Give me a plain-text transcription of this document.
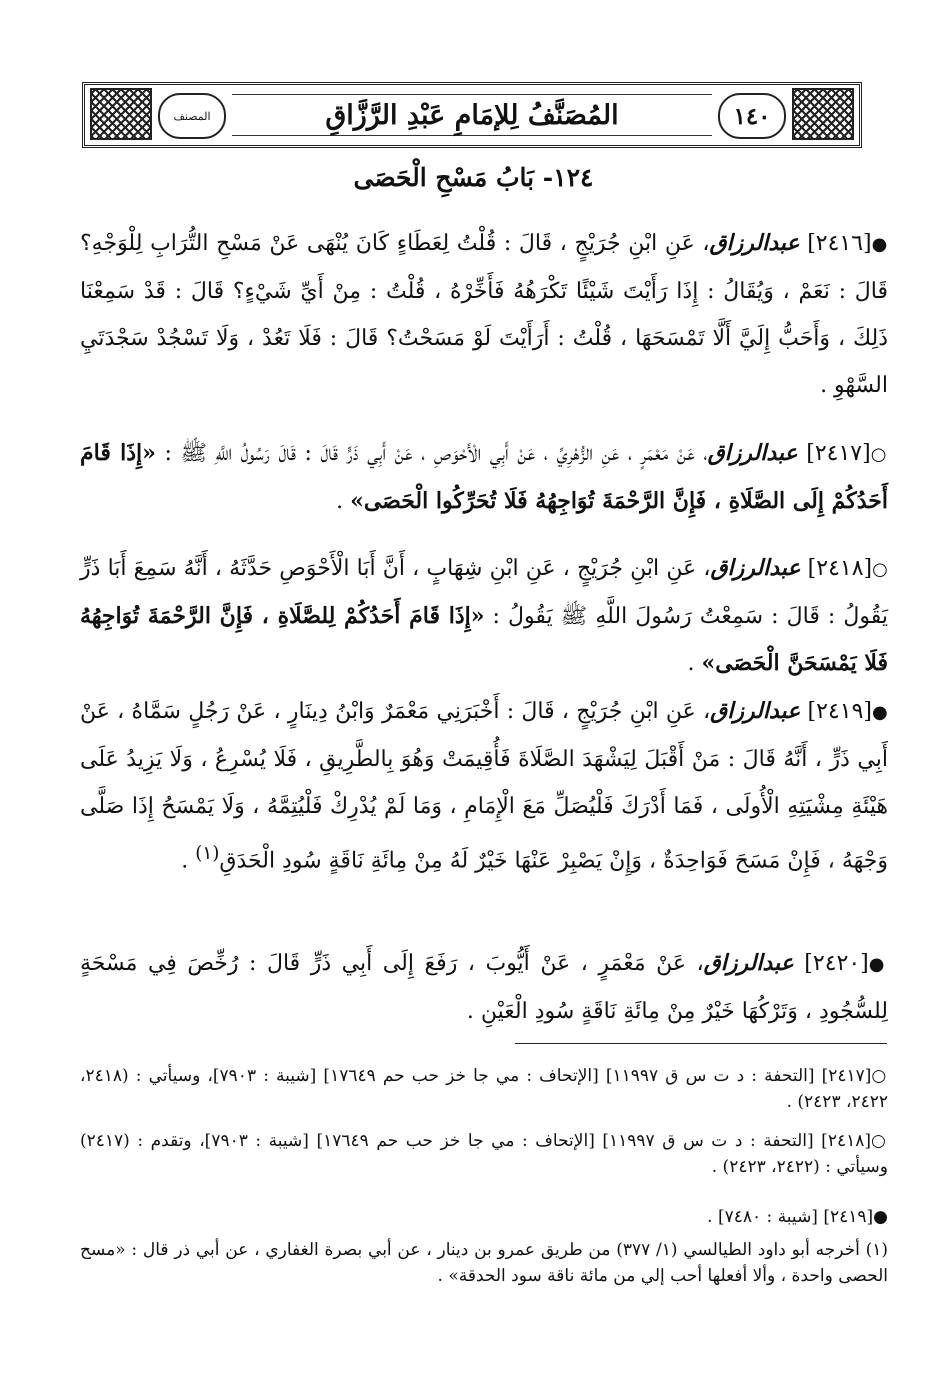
المصنف	المُصَنَّفُ لِلإمَامِ عَبْدِ الرَّزَّاقِ	١٤٠
١٢٤- بَابُ مَسْحِ الْحَصَى
●[٢٤١٦] عبدالرزاق، عَنِ ابْنِ جُرَيْجٍ ، قَالَ : قُلْتُ لِعَطَاءٍ كَانَ يُنْهَى عَنْ مَسْحِ التُّرَابِ لِلْوَجْهِ؟ قَالَ : نَعَمْ ، وَيُقَالُ : إِذَا رَأَيْتَ شَيْئًا تَكْرَهُهُ فَأَخِّرْهُ ، قُلْتُ : مِنْ أَيِّ شَيْءٍ؟ قَالَ : قَدْ سَمِعْنَا ذَلِكَ ، وَأَحَبُّ إِلَيَّ أَلَّا تَمْسَحَهَا ، قُلْتُ : أَرَأَيْتَ لَوْ مَسَحْتُ؟ قَالَ : فَلَا تَعُدْ ، وَلَا تَسْجُدْ سَجْدَتَيِ السَّهْوِ .
○[٢٤١٧] عبدالرزاق، عَنْ مَعْمَرٍ ، عَنِ الزُّهْرِيِّ ، عَنْ أَبِي الْأَحْوَصِ ، عَنْ أَبِي ذَرٍّ قَالَ : قَالَ رَسُولُ اللَّهِ ﷺ : «إِذَا قَامَ أَحَدُكُمْ إِلَى الصَّلَاةِ ، فَإِنَّ الرَّحْمَةَ تُوَاجِهُهُ فَلَا تُحَرِّكُوا الْحَصَى» .
○[٢٤١٨] عبدالرزاق، عَنِ ابْنِ جُرَيْجٍ ، عَنِ ابْنِ شِهَابٍ ، أَنَّ أَبَا الْأَحْوَصِ حَدَّثَهُ ، أَنَّهُ سَمِعَ أَبَا ذَرٍّ يَقُولُ : قَالَ : سَمِعْتُ رَسُولَ اللَّهِ ﷺ يَقُولُ : «إِذَا قَامَ أَحَدُكُمْ لِلصَّلَاةِ ، فَإِنَّ الرَّحْمَةَ تُوَاجِهُهُ فَلَا يَمْسَحَنَّ الْحَصَى» .
●[٢٤١٩] عبدالرزاق، عَنِ ابْنِ جُرَيْجٍ ، قَالَ : أَخْبَرَنِي مَعْمَرٌ وَابْنُ دِينَارٍ ، عَنْ رَجُلٍ سَمَّاهُ ، عَنْ أَبِي ذَرٍّ ، أَنَّهُ قَالَ : مَنْ أَقْبَلَ لِيَشْهَدَ الصَّلَاةَ فَأُقِيمَتْ وَهُوَ بِالطَّرِيقِ ، فَلَا يُسْرِعُ ، وَلَا يَزِيدُ عَلَى هَيْئَةِ مِشْيَتِهِ الْأُولَى ، فَمَا أَدْرَكَ فَلْيُصَلِّ مَعَ الْإِمَامِ ، وَمَا لَمْ يُدْرِكْ فَلْيُتِمَّهُ ، وَلَا يَمْسَحُ إِذَا صَلَّى وَجْهَهُ ، فَإِنْ مَسَحَ فَوَاحِدَةٌ ، وَإِنْ يَصْبِرْ عَنْهَا خَيْرٌ لَهُ مِنْ مِائَةِ نَاقَةٍ سُودِ الْحَدَقِ$^{(١)}$ .
●[٢٤٢٠] عبدالرزاق، عَنْ مَعْمَرٍ ، عَنْ أَيُّوبَ ، رَفَعَ إِلَى أَبِي ذَرٍّ قَالَ : رُخِّصَ فِي مَسْحَةٍ لِلسُّجُودِ ، وَتَرْكُهَا خَيْرٌ مِنْ مِائَةِ نَاقَةٍ سُودِ الْعَيْنِ .
○[٢٤١٧] [التحفة : د ت س ق ١١٩٩٧] [الإتحاف : مي جا خز حب حم ١٧٦٤٩] [شيبة : ٧٩٠٣]، وسيأتي : (٢٤١٨، ٢٤٢٢، ٢٤٢٣) .
○[٢٤١٨] [التحفة : د ت س ق ١١٩٩٧] [الإتحاف : مي جا خز حب حم ١٧٦٤٩] [شيبة : ٧٩٠٣]، وتقدم : (٢٤١٧) وسيأتي : (٢٤٢٢، ٢٤٢٣) .
●[٢٤١٩] [شيبة : ٧٤٨٠] .
(١) أخرجه أبو داود الطيالسي (١/ ٣٧٧) من طريق عمرو بن دينار ، عن أبي بصرة الغفاري ، عن أبي ذر قال : «مسح الحصى واحدة ، وألا أفعلها أحب إلي من مائة ناقة سود الحدقة» .
